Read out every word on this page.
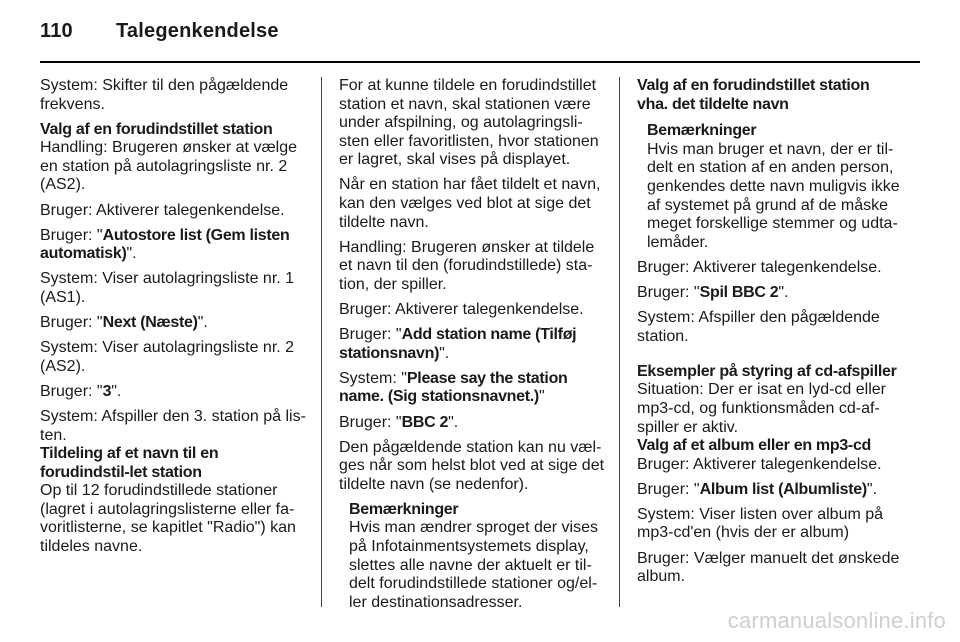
110 Talegenkendelse

System: Skifter til den pågældende frekvens.

Valg af en forudindstillet station

Handling: Brugeren ønsker at vælge en station på autolagringsliste nr. 2 (AS2).

Bruger: Aktiverer talegenkendelse.

Bruger: "Autostore list (Gem listen automatisk)".

System: Viser autolagringsliste nr. 1 (AS1).

Bruger: "Next (Næste)".

System: Viser autolagringsliste nr. 2 (AS2).

Bruger: "3".

System: Afspiller den 3. station på lis-ten.

Tildeling af et navn til en forudindstil-let station

Op til 12 forudindstillede stationer (lagret i autolagringslisterne eller fa-voritlisterne, se kapitlet "Radio") kan tildeles navne.

For at kunne tildele en forudindstillet station et navn, skal stationen være under afspilning, og autolagringsli-sten eller favoritlisten, hvor stationen er lagret, skal vises på displayet.

Når en station har fået tildelt et navn, kan den vælges ved blot at sige det tildelte navn.

Handling: Brugeren ønsker at tildele et navn til den (forudindstillede) sta-tion, der spiller.

Bruger: Aktiverer talegenkendelse.

Bruger: "Add station name (Tilføj stationsnavn)".

System: "Please say the station name. (Sig stationsnavnet.)"

Bruger: "BBC 2".

Den pågældende station kan nu væl-ges når som helst blot ved at sige det tildelte navn (se nedenfor).

Bemærkninger
Hvis man ændrer sproget der vises på Infotainmentsystemets display, slettes alle navne der aktuelt er til-delt forudindstillede stationer og/el-ler destinationsadresser.
Valg af en forudindstillet station vha. det tildelte navn
Bemærkninger
Hvis man bruger et navn, der er til-delt en station af en anden person, genkendes dette navn muligvis ikke af systemet på grund af de måske meget forskellige stemmer og udta-lemåder.

Bruger: Aktiverer talegenkendelse.

Bruger: "Spil BBC 2".

System: Afspiller den pågældende station.

Eksempler på styring af cd-afspiller

Situation: Der er isat en lyd-cd eller mp3-cd, og funktionsmåden cd-af-spiller er aktiv.

Valg af et album eller en mp3-cd

Bruger: Aktiverer talegenkendelse.

Bruger: "Album list (Albumliste)".

System: Viser listen over album på mp3-cd'en (hvis der er album)

Bruger: Vælger manuelt det ønskede album.

carmanualsonline.info
